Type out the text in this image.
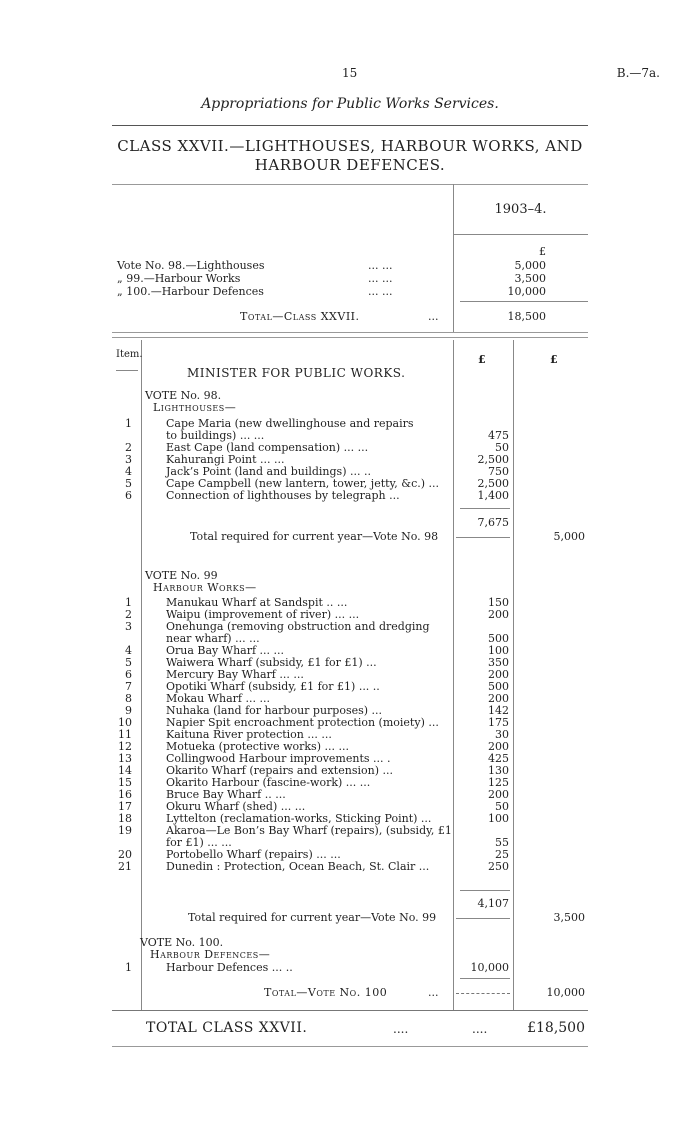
15	B.—7a.
Appropriations for Public Works Services.
CLASS XXVII.—LIGHTHOUSES, HARBOUR WORKS, AND
HARBOUR DEFENCES.
1903–4.
£
Vote No. 98.—Lighthouses	... ...	5,000
„ 99.—Harbour Works	... ...	3,500
„ 100.—Harbour Defences	... ...	10,000
Total—Class XXVII.	...	18,500
Item.	£	£
MINISTER FOR PUBLIC WORKS.
VOTE No. 98.
Lighthouses—
1	Cape Maria (new dwellinghouse and repairs
to buildings) ... ...	475
2	East Cape (land compensation) ... ...	50
3	Kahurangi Point ... ...	2,500
4	Jack’s Point (land and buildings) ... ..	750
5	Cape Campbell (new lantern, tower, jetty, &c.) ...	2,500
6	Connection of lighthouses by telegraph ...	1,400
7,675
Total required for current year—Vote No. 98	5,000
VOTE No. 99
Harbour Works—
1	Manukau Wharf at Sandspit .. ...	150
2	Waipu (improvement of river) ... ...	200
3	Onehunga (removing obstruction and dredging
near wharf) ... ...	500
4	Orua Bay Wharf ... ...	100
5	Waiwera Wharf (subsidy, £1 for £1) ...	350
6	Mercury Bay Wharf ... ...	200
7	Opotiki Wharf (subsidy, £1 for £1) ... ..	500
8	Mokau Wharf ... ...	200
9	Nuhaka (land for harbour purposes) ...	142
10	Napier Spit encroachment protection (moiety) ...	175
11	Kaituna River protection ... ...	30
12	Motueka (protective works) ... ...	200
13	Collingwood Harbour improvements ... .	425
14	Okarito Wharf (repairs and extension) ...	130
15	Okarito Harbour (fascine-work) ... ...	125
16	Bruce Bay Wharf .. ...	200
17	Okuru Wharf (shed) ... ...	50
18	Lyttelton (reclamation-works, Sticking Point) ...	100
19	Akaroa—Le Bon’s Bay Wharf (repairs), (subsidy, £1
for £1) ... ...	55
20	Portobello Wharf (repairs) ... ...	25
21	Dunedin : Protection, Ocean Beach, St. Clair ...	250
4,107
Total required for current year—Vote No. 99	3,500
VOTE No. 100.
Harbour Defences—
1	Harbour Defences ... ..	10,000
Total—Vote No. 100	...	10,000
TOTAL CLASS XXVII.	....	....	£18,500
